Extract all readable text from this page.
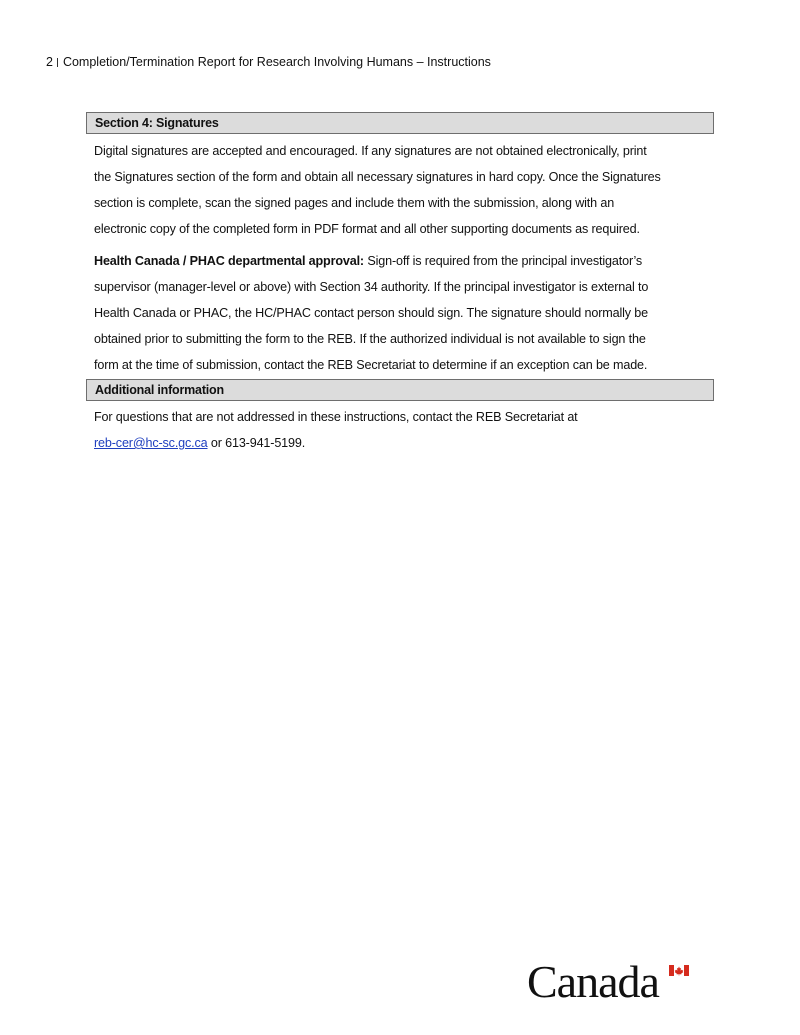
2 Completion/Termination Report for Research Involving Humans – Instructions
Section 4: Signatures

Digital signatures are accepted and encouraged. If any signatures are not obtained electronically, print
the Signatures section of the form and obtain all necessary signatures in hard copy. Once the Signatures
section is complete, scan the signed pages and include them with the submission, along with an
electronic copy of the completed form in PDF format and all other supporting documents as required.

Health Canada / PHAC departmental approval: Sign-off is required from the principal investigator’s
supervisor (manager-level or above) with Section 34 authority. If the principal investigator is external to
Health Canada or PHAC, the HC/PHAC contact person should sign. The signature should normally be
obtained prior to submitting the form to the REB. If the authorized individual is not available to sign the
form at the time of submission, contact the REB Secretariat to determine if an exception can be made.

Additional information

For questions that are not addressed in these instructions, contact the REB Secretariat at
reb-cer@hc-sc.gc.ca or 613-941-5199.

Canada
